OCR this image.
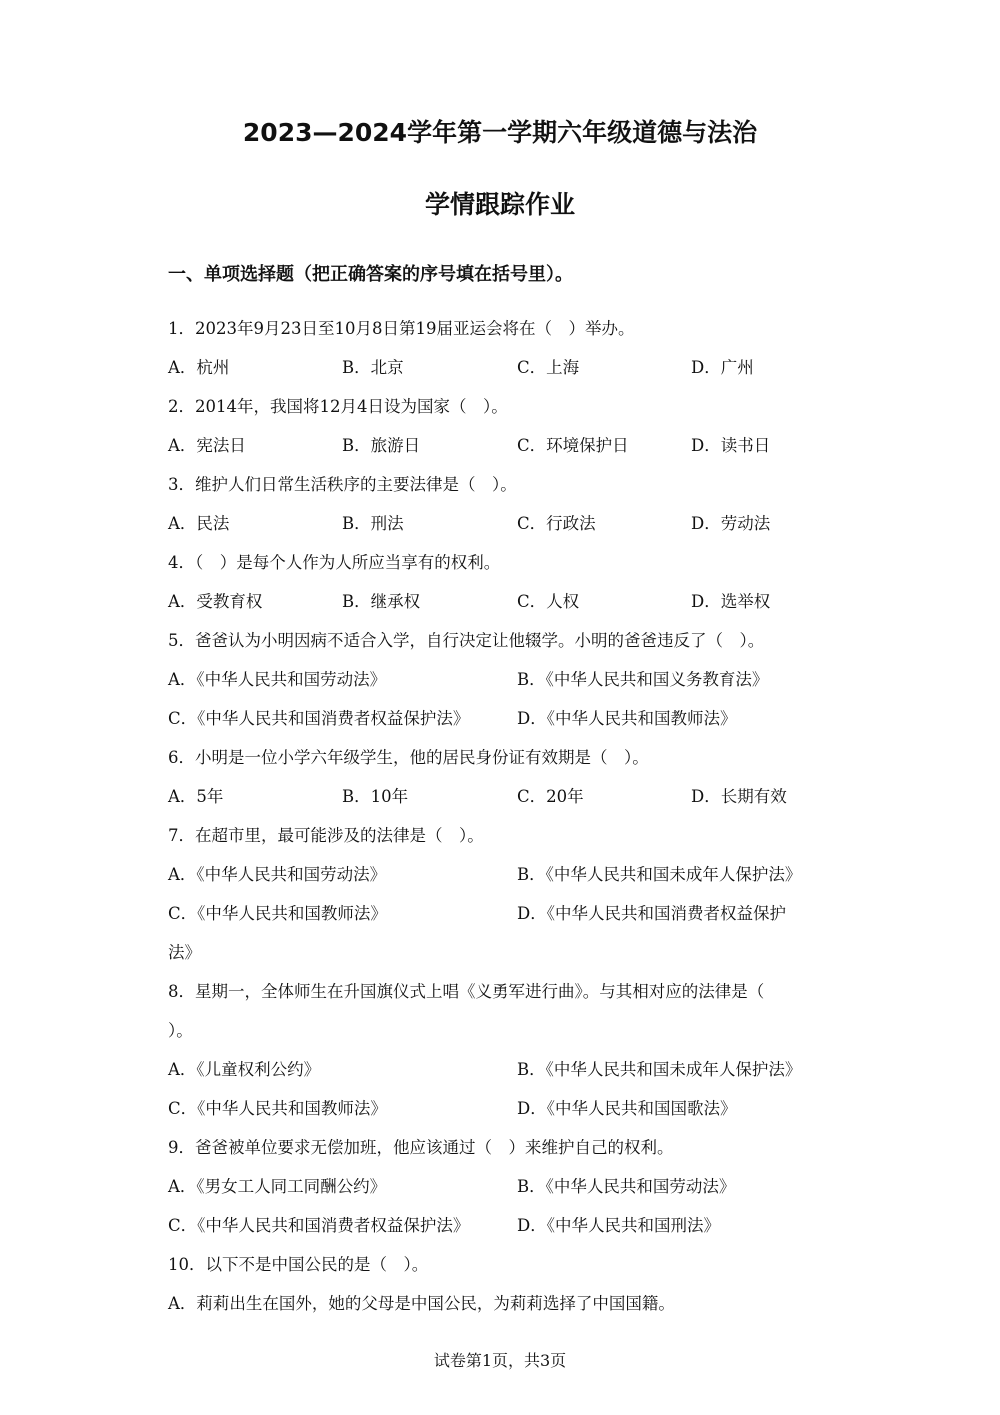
2023—2024学年第一学期六年级道德与法治
学情跟踪作业
一、单项选择题（把正确答案的序号填在括号里）。
1．2023年9月23日至10月8日第19届亚运会将在（　）举办。
A．杭州	B．北京	C．上海	D．广州
2．2014年，我国将12月4日设为国家（　）。
A．宪法日	B．旅游日	C．环境保护日	D．读书日
3．维护人们日常生活秩序的主要法律是（　）。
A．民法	B．刑法	C．行政法	D．劳动法
4．（　）是每个人作为人所应当享有的权利。
A．受教育权	B．继承权	C．人权	D．选举权
5．爸爸认为小明因病不适合入学，自行决定让他辍学。小明的爸爸违反了（　）。
A．《中华人民共和国劳动法》	B．《中华人民共和国义务教育法》
C．《中华人民共和国消费者权益保护法》	D．《中华人民共和国教师法》
6．小明是一位小学六年级学生，他的居民身份证有效期是（　）。
A．5年	B．10年	C．20年	D．长期有效
7．在超市里，最可能涉及的法律是（　）。
A．《中华人民共和国劳动法》	B．《中华人民共和国未成年人保护法》
C．《中华人民共和国教师法》	D．《中华人民共和国消费者权益保护
法》
8．星期一，全体师生在升国旗仪式上唱《义勇军进行曲》。与其相对应的法律是（
）。
A．《儿童权利公约》	B．《中华人民共和国未成年人保护法》
C．《中华人民共和国教师法》	D．《中华人民共和国国歌法》
9．爸爸被单位要求无偿加班，他应该通过（　）来维护自己的权利。
A．《男女工人同工同酬公约》	B．《中华人民共和国劳动法》
C．《中华人民共和国消费者权益保护法》	D．《中华人民共和国刑法》
10．以下不是中国公民的是（　）。
A．莉莉出生在国外，她的父母是中国公民，为莉莉选择了中国国籍。
试卷第1页，共3页
